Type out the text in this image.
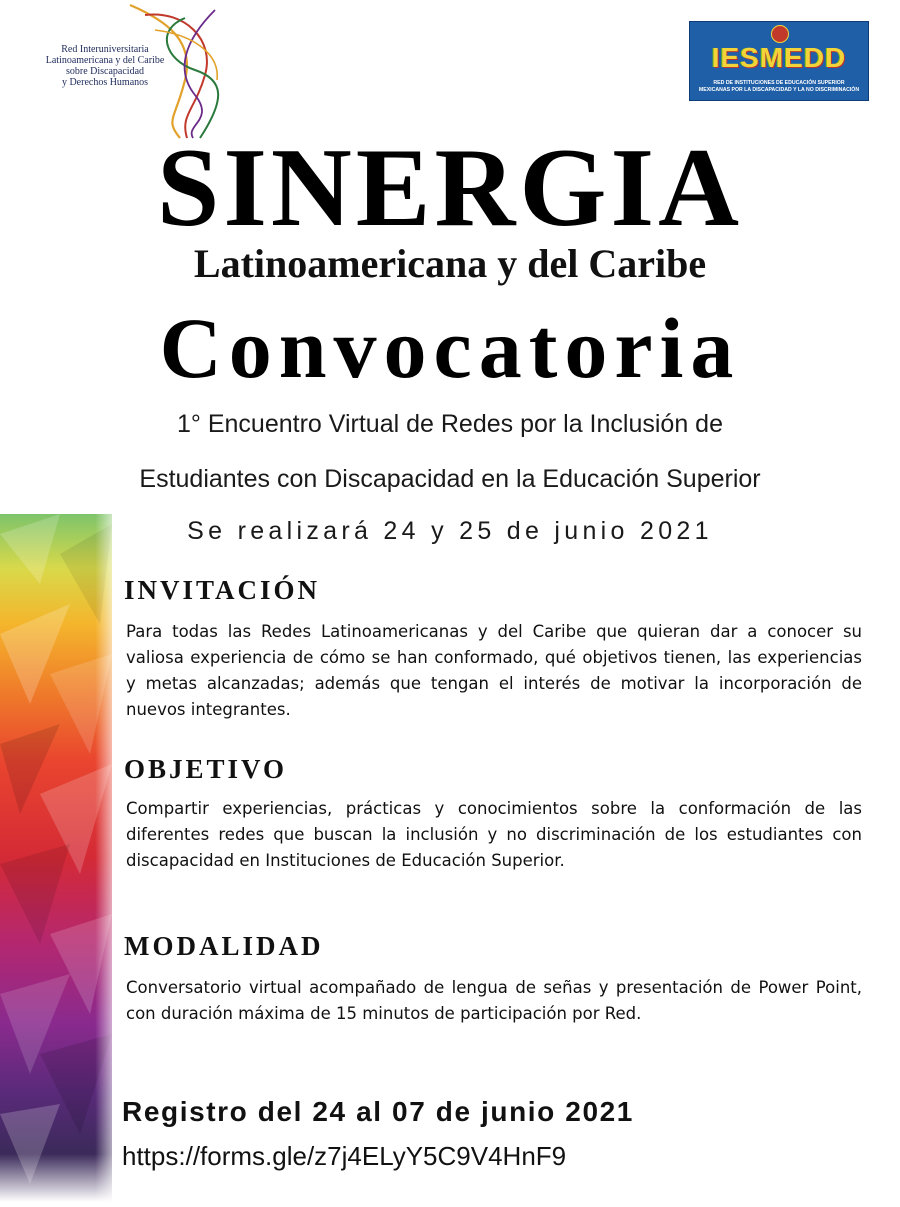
Red Interuniversitaria
Latinoamericana y del Caribe
sobre Discapacidad
y Derechos Humanos
IESMEDD
RED DE INSTITUCIONES DE EDUCACIÓN SUPERIOR
MEXICANAS POR LA DISCAPACIDAD Y LA NO DISCRIMINACIÓN
SINERGIA
Latinoamericana y del Caribe
Convocatoria
1° Encuentro Virtual de Redes por la Inclusión de
Estudiantes con Discapacidad en la Educación Superior
Se realizará 24 y 25 de junio 2021
INVITACIÓN
Para todas las Redes Latinoamericanas y del Caribe que quieran dar a conocer su valiosa experiencia de cómo se han conformado, qué objetivos tienen, las experiencias y metas alcanzadas; además que tengan el interés de motivar la incorporación de nuevos integrantes.
OBJETIVO
Compartir experiencias, prácticas y conocimientos sobre la conformación de las diferentes redes que buscan la inclusión y no discriminación de los estudiantes con discapacidad en Instituciones de Educación Superior.
MODALIDAD
Conversatorio virtual acompañado de lengua de señas y presentación de Power Point, con duración máxima de 15 minutos de participación por Red.
Registro del 24 al 07 de junio 2021
https://forms.gle/z7j4ELyY5C9V4HnF9
